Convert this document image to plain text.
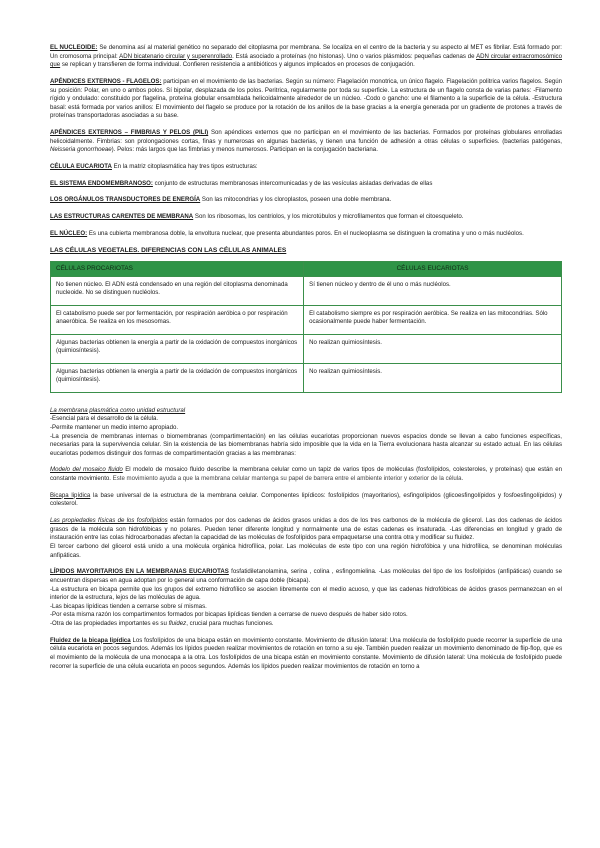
EL NUCLEOIDE: Se denomina así al material genético no separado del citoplasma por membrana. Se localiza en el centro de la bacteria y su aspecto al MET es fibrilar. Está formado por: Un cromosoma principal: ADN bicatenario circular y superenrollado. Está asociado a proteínas (no histonas). Uno o varios plásmidos: pequeñas cadenas de ADN circular extracromosómico que se replican y transfieren de forma individual. Confieren resistencia a antibióticos y algunos implicados en procesos de conjugación.

APÉNDICES EXTERNOS - FLAGELOS: participan en el movimiento de las bacterias. Según su número: Flagelación monotrica, un único flagelo. Flagelación politrica varios flagelos. Según su posición: Polar, en uno o ambos polos. Sí bipolar, desplazada de los polos. Peritrica, regularmente por toda su superficie. La estructura de un flagelo consta de varias partes: -Filamento rígido y ondulado: constituido por flagelina, proteína globular ensamblada helicoidalmente alrededor de un núcleo. -Codo o gancho: une el filamento a la superficie de la célula. -Estructura basal: está formada por varios anillos: El movimiento del flagelo se produce por la rotación de los anillos de la base gracias a la energía generada por un gradiente de protones a través de proteínas transportadoras asociadas a su base.

APÉNDICES EXTERNOS – FIMBRIAS Y PELOS (PILI) Son apéndices externos que no participan en el movimiento de las bacterias. Formados por proteínas globulares enrolladas helicoidalmente. Fimbrias: son prolongaciones cortas, finas y numerosas en algunas bacterias, y tienen una función de adhesión a otras células o superficies. (bacterias patógenas, Neisseria gonorrhoeae). Pelos: más largos que las fimbrias y menos numerosos. Participan en la conjugación bacteriana.

CÉLULA EUCARIOTA En la matriz citoplasmática hay tres tipos estructuras:

EL SISTEMA ENDOMEMBRANOSO: conjunto de estructuras membranosas intercomunicadas y de las vesículas aisladas derivadas de ellas

LOS ORGÁNULOS TRANSDUCTORES DE ENERGÍA Son las mitocondrias y los cloroplastos, poseen una doble membrana.

LAS ESTRUCTURAS CARENTES DE MEMBRANA Son los ribosomas, los centriolos, y los microtúbulos y microfilamentos que forman el citoesqueleto.

EL NÚCLEO: Es una cubierta membranosa doble, la envoltura nuclear, que presenta abundantes poros. En el nucleoplasma se distinguen la cromatina y uno o más nucléolos.

LAS CÉLULAS VEGETALES. DIFERENCIAS CON LAS CÉLULAS ANIMALES

CÉLULAS PROCARIOTAS	CÉLULAS EUCARIOTAS
No tienen núcleo. El ADN está condensado en una región del citoplasma denominada nucleoide. No se distinguen nucléolos.	Sí tienen núcleo y dentro de él uno o más nucléolos.
El catabolismo puede ser por fermentación, por respiración aeróbica o por respiración anaeróbica. Se realiza en los mesosomas.	El catabolismo siempre es por respiración aeróbica. Se realiza en las mitocondrias. Sólo ocasionalmente puede haber fermentación.
Algunas bacterias obtienen la energía a partir de la oxidación de compuestos inorgánicos (quimiosíntesis).	No realizan quimiosíntesis.
Algunas bacterias obtienen la energía a partir de la oxidación de compuestos inorgánicos (quimiosíntesis).	No realizan quimiosíntesis.
La membrana plasmática como unidad estructural
-Esencial para el desarrollo de la célula.
-Permite mantener un medio interno apropiado.
-La presencia de membranas internas o biomembranas (compartimentación) en las células eucariotas proporcionan nuevos espacios donde se llevan a cabo funciones específicas, necesarias para la supervivencia celular. Sin la existencia de las biomembranas habría sido imposible que la vida en la Tierra evolucionara hasta alcanzar su estado actual. En las células eucariotas podemos distinguir dos formas de compartimentación gracias a las membranas:

Modelo del mosaico fluido El modelo de mosaico fluido describe la membrana celular como un tapiz de varios tipos de moléculas (fosfolípidos, colesteroles, y proteínas) que están en constante movimiento. Este movimiento ayuda a que la membrana celular mantenga su papel de barrera entre el ambiente interior y exterior de la célula.

Bicapa lipídica la base universal de la estructura de la membrana celular. Componentes lipídicos: fosfolípidos (mayoritarios), esfingolípidos (glicoesfingolípidos y fosfoesfingolípidos) y colesterol.

Las propiedades físicas de los fosfolípidos están formados por dos cadenas de ácidos grasos unidas a dos de los tres carbonos de la molécula de glicerol. Las dos cadenas de ácidos grasos de la molécula son hidrofóbicas y no polares. Pueden tener diferente longitud y normalmente una de estas cadenas es insaturada. -Las diferencias en longitud y grado de instauración entre las colas hidrocarbonadas afectan la capacidad de las moléculas de fosfolípidos para empaquetarse una contra otra y modificar su fluidez.
El tercer carbono del glicerol está unido a una molécula orgánica hidrofílica, polar. Las moléculas de este tipo con una región hidrofóbica y una hidrofílica, se denominan moléculas anfipáticas.
LÍPIDOS MAYORITARIOS EN LA MEMBRANAS EUCARIOTAS fosfatidiletanolamina, serina , colina , esfingomielina. -Las moléculas del tipo de los fosfolípidos (anfipáticas) cuando se encuentran dispersas en agua adoptan por lo general una conformación de capa doble (bicapa).
-La estructura en bicapa permite que los grupos del extremo hidrofílico se asocien libremente con el medio acuoso, y que las cadenas hidrofóbicas de ácidos grasos permanezcan en el interior de la estructura, lejos de las moléculas de agua.
-Las bicapas lipídicas tienden a cerrarse sobre sí mismas.
-Por esta misma razón los compartimentos formados por bicapas lipídicas tienden a cerrarse de nuevo después de haber sido rotos.
-Otra de las propiedades importantes es su fluidez, crucial para muchas funciones.

Fluidez de la bicapa lipídica Los fosfolípidos de una bicapa están en movimiento constante. Movimiento de difusión lateral: Una molécula de fosfolípido puede recorrer la superficie de una célula eucariota en pocos segundos. Además los lípidos pueden realizar movimientos de rotación en torno a su eje. También pueden realizar un movimiento denominado de flip-flop, que es el movimiento de la molécula de una monocapa a la otra. Los fosfolípidos de una bicapa están en movimiento constante. Movimiento de difusión lateral: Una molécula de fosfolípido puede recorrer la superficie de una célula eucariota en pocos segundos. Además los lípidos pueden realizar movimientos de rotación en torno a
